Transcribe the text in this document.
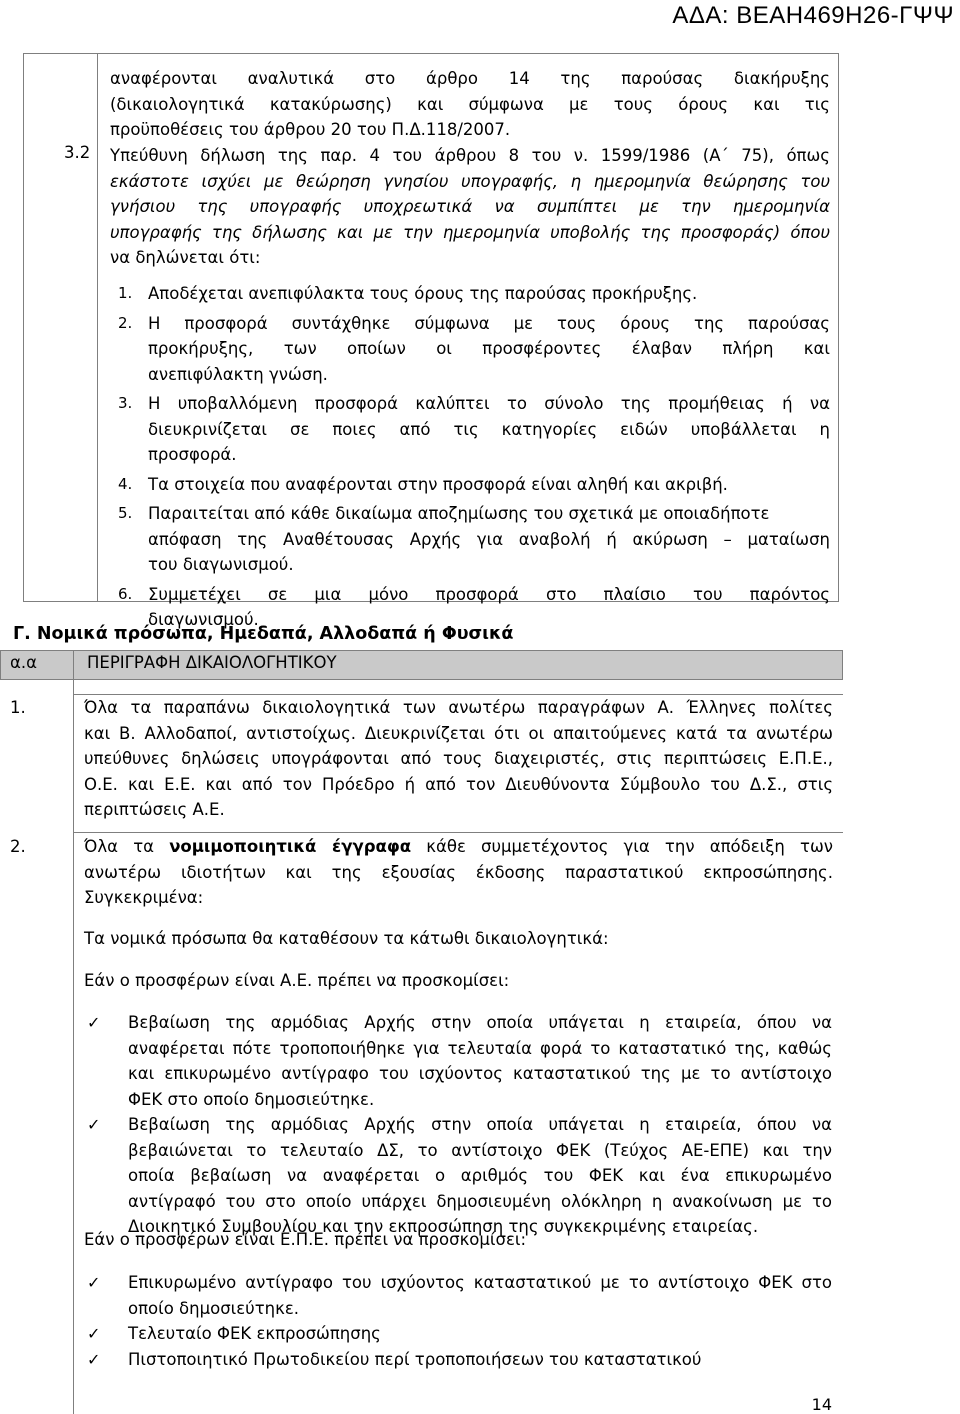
ΑΔΑ: ΒΕΑΗ469Η26-ΓΨΨ
αναφέρονται αναλυτικά στο άρθρο 14 της παρούσας διακήρυξης
(δικαιολογητικά κατακύρωσης) και σύμφωνα με τους όρους και τις
προϋποθέσεις του άρθρου 20 του Π.Δ.118/2007.
3.2 Υπεύθυνη δήλωση της παρ. 4 του άρθρου 8 του ν. 1599/1986 (Α΄ 75), όπως
εκάστοτε ισχύει με θεώρηση γνησίου υπογραφής, η ημερομηνία θεώρησης του
γνήσιου της υπογραφής υποχρεωτικά να συμπίπτει με την ημερομηνία
υπογραφής της δήλωσης και με την ημερομηνία υποβολής της προσφοράς) όπου
να δηλώνεται ότι:
1. Αποδέχεται ανεπιφύλακτα τους όρους της παρούσας προκήρυξης.
2. Η προσφορά συντάχθηκε σύμφωνα με τους όρους της παρούσας
προκήρυξης, των οποίων οι προσφέροντες έλαβαν πλήρη και
ανεπιφύλακτη γνώση.
3. Η υποβαλλόμενη προσφορά καλύπτει το σύνολο της προμήθειας ή να
διευκρινίζεται σε ποιες από τις κατηγορίες ειδών υποβάλλεται η
προσφορά.
4. Τα στοιχεία που αναφέρονται στην προσφορά είναι αληθή και ακριβή.
5. Παραιτείται από κάθε δικαίωμα αποζημίωσης του σχετικά με οποιαδήποτε
απόφαση της Αναθέτουσας Αρχής για αναβολή ή ακύρωση – ματαίωση
του διαγωνισμού.
6. Συμμετέχει σε μια μόνο προσφορά στο πλαίσιο του παρόντος
διαγωνισμού.
Γ. Νομικά πρόσωπα, Ημεδαπά, Αλλοδαπά ή Φυσικά
α.α	ΠΕΡΙΓΡΑΦΗ ΔΙΚΑΙΟΛΟΓΗΤΙΚΟΥ
1.	Όλα τα παραπάνω δικαιολογητικά των ανωτέρω παραγράφων Α. Έλληνες πολίτες
και Β. Αλλοδαποί, αντιστοίχως. Διευκρινίζεται ότι οι απαιτούμενες κατά τα ανωτέρω
υπεύθυνες δηλώσεις υπογράφονται από τους διαχειριστές, στις περιπτώσεις Ε.Π.Ε.,
Ο.Ε. και Ε.Ε. και από τον Πρόεδρο ή από τον Διευθύνοντα Σύμβουλο του Δ.Σ., στις
περιπτώσεις Α.Ε.
2.	Όλα τα νομιμοποιητικά έγγραφα κάθε συμμετέχοντος για την απόδειξη των
ανωτέρω ιδιοτήτων και της εξουσίας έκδοσης παραστατικού εκπροσώπησης.
Συγκεκριμένα:
Τα νομικά πρόσωπα θα καταθέσουν τα κάτωθι δικαιολογητικά:
Εάν ο προσφέρων είναι Α.Ε. πρέπει να προσκομίσει:
✓ Βεβαίωση της αρμόδιας Αρχής στην οποία υπάγεται η εταιρεία, όπου να
αναφέρεται πότε τροποποιήθηκε για τελευταία φορά το καταστατικό της, καθώς
και επικυρωμένο αντίγραφο του ισχύοντος καταστατικού της με το αντίστοιχο
ΦΕΚ στο οποίο δημοσιεύτηκε.
✓ Βεβαίωση της αρμόδιας Αρχής στην οποία υπάγεται η εταιρεία, όπου να
βεβαιώνεται το τελευταίο ΔΣ, το αντίστοιχο ΦΕΚ (Τεύχος ΑΕ-ΕΠΕ) και την
οποία βεβαίωση να αναφέρεται ο αριθμός του ΦΕΚ και ένα επικυρωμένο
αντίγραφό του στο οποίο υπάρχει δημοσιευμένη ολόκληρη η ανακοίνωση με το
Διοικητικό Συμβουλίου και την εκπροσώπηση της συγκεκριμένης εταιρείας.
Εάν ο προσφέρων είναι Ε.Π.Ε. πρέπει να προσκομίσει:
✓ Επικυρωμένο αντίγραφο του ισχύοντος καταστατικού με το αντίστοιχο ΦΕΚ στο
οποίο δημοσιεύτηκε.
✓ Τελευταίο ΦΕΚ εκπροσώπησης
✓ Πιστοποιητικό Πρωτοδικείου περί τροποποιήσεων του καταστατικού
14
